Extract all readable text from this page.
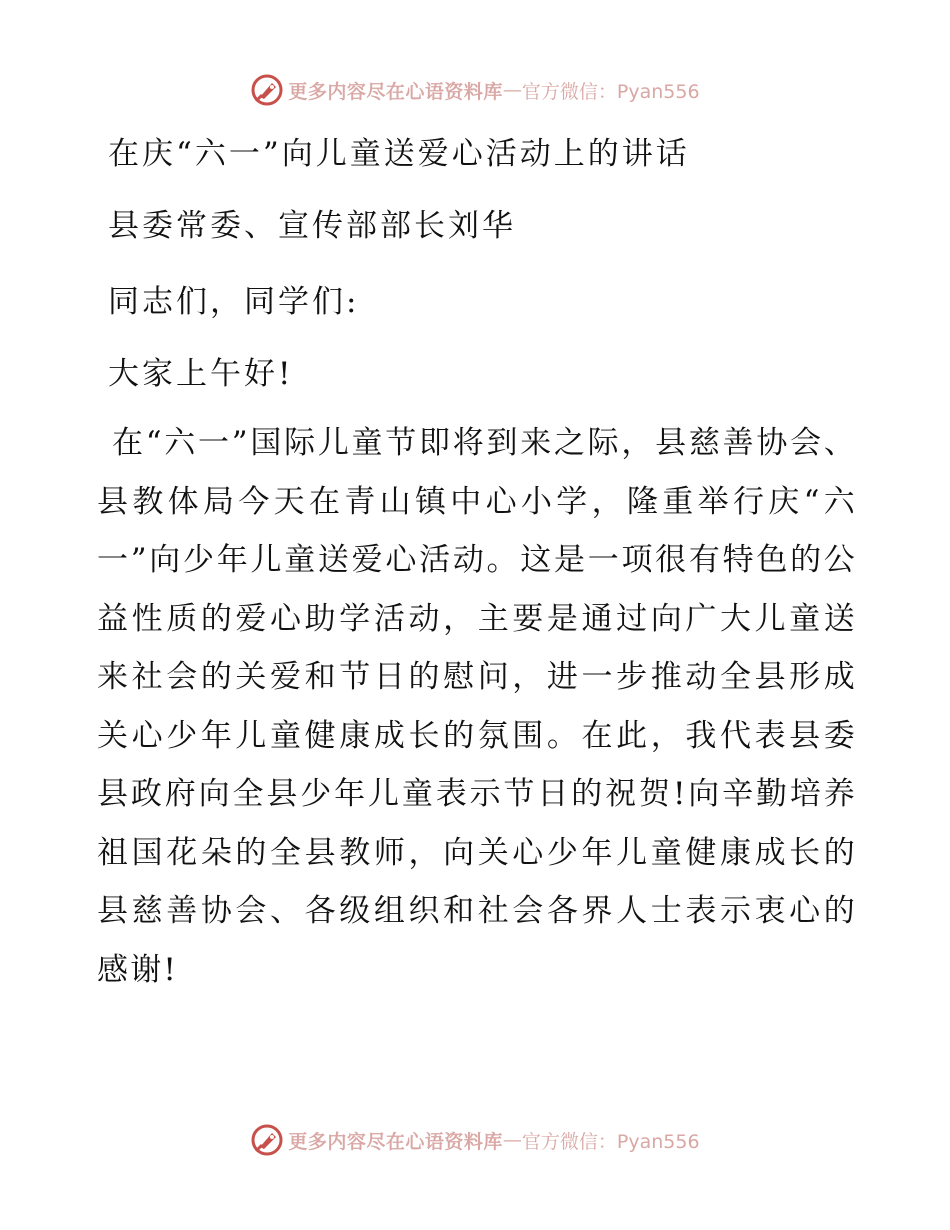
更多内容尽在心语资料库 — 官方微信：Pyan556
在庆“六一”向儿童送爱心活动上的讲话
县委常委、宣传部部长刘华
同志们，同学们:
大家上午好!
在“六一”国际儿童节即将到来之际，县慈善协会、县教体局今天在青山镇中心小学，隆重举行庆“六一”向少年儿童送爱心活动。这是一项很有特色的公益性质的爱心助学活动，主要是通过向广大儿童送来社会的关爱和节日的慰问，进一步推动全县形成关心少年儿童健康成长的氛围。在此，我代表县委县政府向全县少年儿童表示节日的祝贺!向辛勤培养祖国花朵的全县教师，向关心少年儿童健康成长的县慈善协会、各级组织和社会各界人士表示衷心的感谢!
更多内容尽在心语资料库 — 官方微信：Pyan556
